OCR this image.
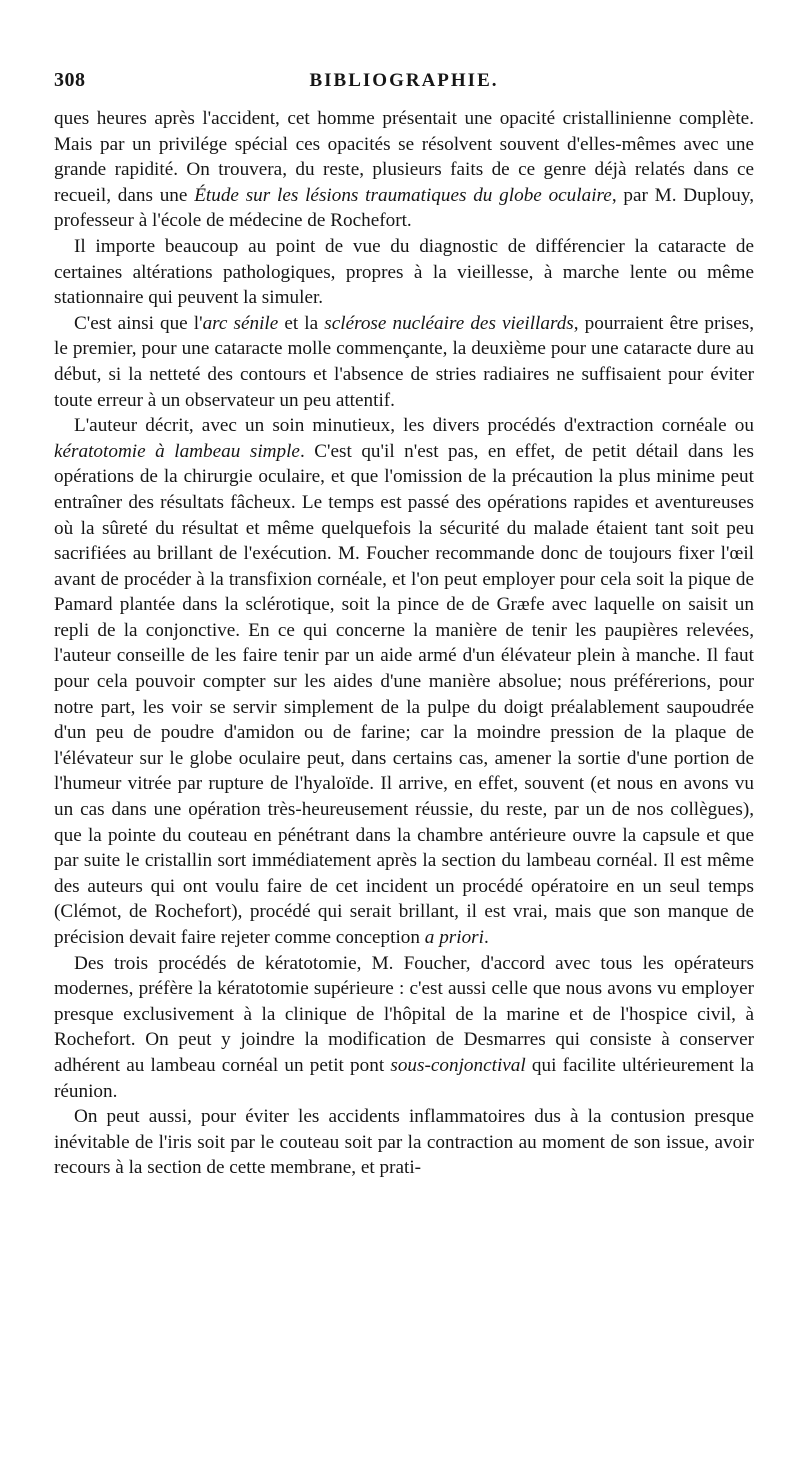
308	BIBLIOGRAPHIE.

ques heures après l'accident, cet homme présentait une opacité cristallinienne complète. Mais par un privilége spécial ces opacités se résolvent souvent d'elles-mêmes avec une grande rapidité. On trouvera, du reste, plusieurs faits de ce genre déjà relatés dans ce recueil, dans une Étude sur les lésions traumatiques du globe oculaire, par M. Duplouy, professeur à l'école de médecine de Rochefort.

Il importe beaucoup au point de vue du diagnostic de différencier la cataracte de certaines altérations pathologiques, propres à la vieillesse, à marche lente ou même stationnaire qui peuvent la simuler.

C'est ainsi que l'arc sénile et la sclérose nucléaire des vieillards, pourraient être prises, le premier, pour une cataracte molle commençante, la deuxième pour une cataracte dure au début, si la netteté des contours et l'absence de stries radiaires ne suffisaient pour éviter toute erreur à un observateur un peu attentif.

L'auteur décrit, avec un soin minutieux, les divers procédés d'extraction cornéale ou kératotomie à lambeau simple. C'est qu'il n'est pas, en effet, de petit détail dans les opérations de la chirurgie oculaire, et que l'omission de la précaution la plus minime peut entraîner des résultats fâcheux. Le temps est passé des opérations rapides et aventureuses où la sûreté du résultat et même quelquefois la sécurité du malade étaient tant soit peu sacrifiées au brillant de l'exécution. M. Foucher recommande donc de toujours fixer l'œil avant de procéder à la transfixion cornéale, et l'on peut employer pour cela soit la pique de Pamard plantée dans la sclérotique, soit la pince de de Græfe avec laquelle on saisit un repli de la conjonctive. En ce qui concerne la manière de tenir les paupières relevées, l'auteur conseille de les faire tenir par un aide armé d'un élévateur plein à manche. Il faut pour cela pouvoir compter sur les aides d'une manière absolue; nous préférerions, pour notre part, les voir se servir simplement de la pulpe du doigt préalablement saupoudrée d'un peu de poudre d'amidon ou de farine; car la moindre pression de la plaque de l'élévateur sur le globe oculaire peut, dans certains cas, amener la sortie d'une portion de l'humeur vitrée par rupture de l'hyaloïde. Il arrive, en effet, souvent (et nous en avons vu un cas dans une opération très-heureusement réussie, du reste, par un de nos collègues), que la pointe du couteau en pénétrant dans la chambre antérieure ouvre la capsule et que par suite le cristallin sort immédiatement après la section du lambeau cornéal. Il est même des auteurs qui ont voulu faire de cet incident un procédé opératoire en un seul temps (Clémot, de Rochefort), procédé qui serait brillant, il est vrai, mais que son manque de précision devait faire rejeter comme conception a priori.

Des trois procédés de kératotomie, M. Foucher, d'accord avec tous les opérateurs modernes, préfère la kératotomie supérieure : c'est aussi celle que nous avons vu employer presque exclusivement à la clinique de l'hôpital de la marine et de l'hospice civil, à Rochefort. On peut y joindre la modification de Desmarres qui consiste à conserver adhérent au lambeau cornéal un petit pont sous-conjonctival qui facilite ultérieurement la réunion.

On peut aussi, pour éviter les accidents inflammatoires dus à la contusion presque inévitable de l'iris soit par le couteau soit par la contraction au moment de son issue, avoir recours à la section de cette membrane, et prati-
